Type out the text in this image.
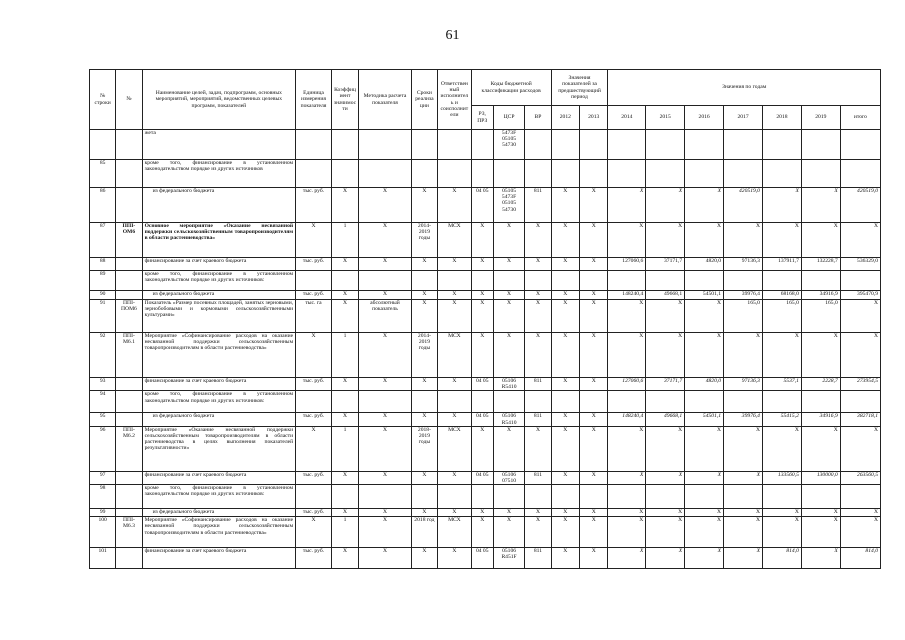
61
№ строки	№	Наименование целей, задач, подпрограмм, основных мероприятий, мероприятий, ведомственных целевых программ, показателей	Единица измерения показателя	Коэффициент значимости	Методика расчета показателя	Сроки реализации	Ответственный исполнитель и соисполнители	Коды бюджетной классификации расходов			Значения показателей за предшествующий период		Значения по годам						
								РЗ, ПРЗ	ЦСР	ВР	2012	2013	2014	2015	2016	2017	2018	2019	итого
		жета							5473F
05105
54730										
85		кроме того, финансирование в установленном законодательством порядке из других источников																	
86		из федерального бюджета	тыс. руб.	X	X	X	X	04 05	05105
5473F
05105
54730	811	X	X	X	X	X	420519,0	X	X	420519,0
87	ППI-ОМ6	Основное мероприятие «Оказание несвязанной поддержки сельскохозяйственным товаропроизводителям в области растениеводства»	X	1	X	2014-2019 годы	МСХ	X	X	X	X	X	X	X	X	X	X	X	X
88		финансирование за счет краевого бюджета	тыс. руб.	X	X	X	X	X	X	X	X	X	127060,6	37171,7	4820,0	97136,3	137911,7	132228,7	536329,0
89		кроме того, финансирование в установленном законодательством порядке из других источников:																	
90		из федерального бюджета	тыс. руб.	X	X	X	X	X	X	X	X	X	148240,4	49668,1	54501,1	39976,4	68168,0	34916,9	395470,9
91	ППI-ПОМ6	Показатель «Размер посевных площадей, занятых зерновыми, зернобобовыми и кормовыми сельскохозяйственными культурами»	тыс. га	X	абсолютный показатель	X	X	X	X	X	X	X	X	X	X	165,0	165,0	165,0	X
92	ППI-М6.1	Мероприятие «Софинансирование расходов на оказание несвязанной поддержки сельскохозяйственным товаропроизводителям в области растениеводства»	X	1	X	2014-2019 годы	МСХ	X	X	X	X	X	X	X	X	X	X	X	X
93		финансирование за счет краевого бюджета	тыс. руб.	X	X	X	X	04 05	05106
R5410	811	X	X	127060,6	37171,7	4820,0	97136,3	5537,1	2228,7	273954,5
94		кроме того, финансирование в установленном законодательством порядке из других источников:																	
95		из федерального бюджета	тыс. руб.	X	X	X	X	04 05	05106
R5410	811	X	X	148240,4	49668,1	54501,1	39976,4	55415,2	34916,9	382718,1
96	ППI-М6.2	Мероприятие «Оказание несвязанной поддержки сельскохозяйственным товаропроизводителям в области растениеводства в целях выполнения показателей результативности»	X	1	X	2018-2019 годы	МСХ	X	X	X	X	X	X	X	X	X	X	X	X
97		финансирование за счет краевого бюджета	тыс. руб.	X	X	X	X	04 05	05106
07510	811	X	X	X	X	X	X	133560,5	130000,0	263560,5
98		кроме того, финансирование в установленном законодательством порядке из других источников:																	
99		из федерального бюджета	тыс. руб.	X	X	X	X	X	X	X	X	X	X	X	X	X	X	X	X
100	ППI-М6.3	Мероприятие «Софинансирование расходов на оказание несвязанной поддержки сельскохозяйственным товаропроизводителям в области растениеводства»	X	1	X	2018 год	МСХ	X	X	X	X	X	X	X	X	X	X	X	X
101		финансирование за счет краевого бюджета	тыс. руб.	X	X	X	X	04 05	05106
R451F	811	X	X	X	X	X	X	814,0	X	814,0
